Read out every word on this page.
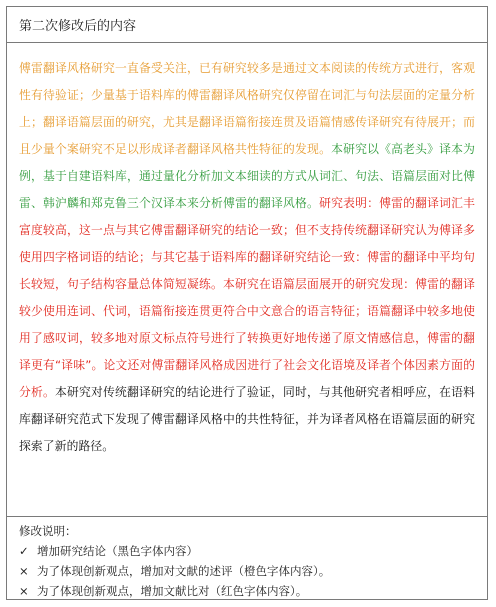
第二次修改后的内容
傅雷翻译风格研究一直备受关注，已有研究较多是通过文本阅读的传统方式进行，客观性有待验证；少量基于语料库的傅雷翻译风格研究仅停留在词汇与句法层面的定量分析上；翻译语篇层面的研究，尤其是翻译语篇衔接连贯及语篇情感传译研究有待展开；而且少量个案研究不足以形成译者翻译风格共性特征的发现。本研究以《高老头》译本为例，基于自建语料库，通过量化分析加文本细读的方式从词汇、句法、语篇层面对比傅雷、韩沪麟和郑克鲁三个汉译本来分析傅雷的翻译风格。研究表明：傅雷的翻译词汇丰富度较高，这一点与其它傅雷翻译研究的结论一致；但不支持传统翻译研究认为傅译多使用四字格词语的结论；与其它基于语料库的翻译研究结论一致：傅雷的翻译中平均句长较短，句子结构容量总体简短凝练。本研究在语篇层面展开的研究发现：傅雷的翻译较少使用连词、代词，语篇衔接连贯更符合中文意合的语言特征；语篇翻译中较多地使用了感叹词，较多地对原文标点符号进行了转换更好地传递了原文情感信息，傅雷的翻译更有“译味”。论文还对傅雷翻译风格成因进行了社会文化语境及译者个体因素方面的分析。本研究对传统翻译研究的结论进行了验证，同时，与其他研究者相呼应，在语料库翻译研究范式下发现了傅雷翻译风格中的共性特征，并为译者风格在语篇层面的研究探索了新的路径。
修改说明：
✓ 增加研究结论（黑色字体内容）
× 为了体现创新观点，增加对文献的述评（橙色字体内容）。
× 为了体现创新观点，增加文献比对（红色字体内容）。
